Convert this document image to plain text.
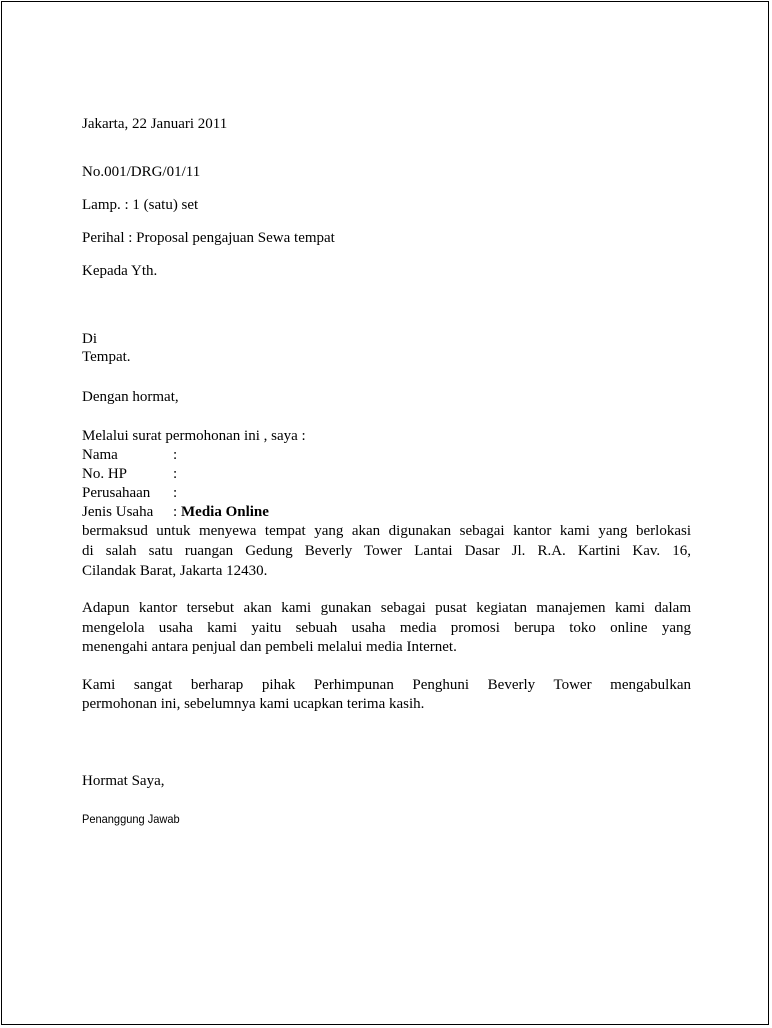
Jakarta, 22 Januari 2011
No.001/DRG/01/11
Lamp. : 1 (satu) set
Perihal : Proposal pengajuan Sewa tempat
Kepada Yth.
Di
Tempat.
Dengan hormat,
Melalui surat permohonan ini , saya :
Nama	:
No. HP	:
Perusahaan :
Jenis Usaha : Media Online
bermaksud untuk menyewa tempat yang akan digunakan sebagai kantor kami yang berlokasi
di salah satu ruangan Gedung Beverly Tower Lantai Dasar Jl. R.A. Kartini Kav. 16,
Cilandak Barat, Jakarta 12430.
Adapun kantor tersebut akan kami gunakan sebagai pusat kegiatan manajemen kami dalam
mengelola usaha kami yaitu sebuah usaha media promosi berupa toko online yang
menengahi antara penjual dan pembeli melalui media Internet.
Kami sangat berharap pihak Perhimpunan Penghuni Beverly Tower mengabulkan
permohonan ini, sebelumnya kami ucapkan terima kasih.
Hormat Saya,
Penanggung Jawab
